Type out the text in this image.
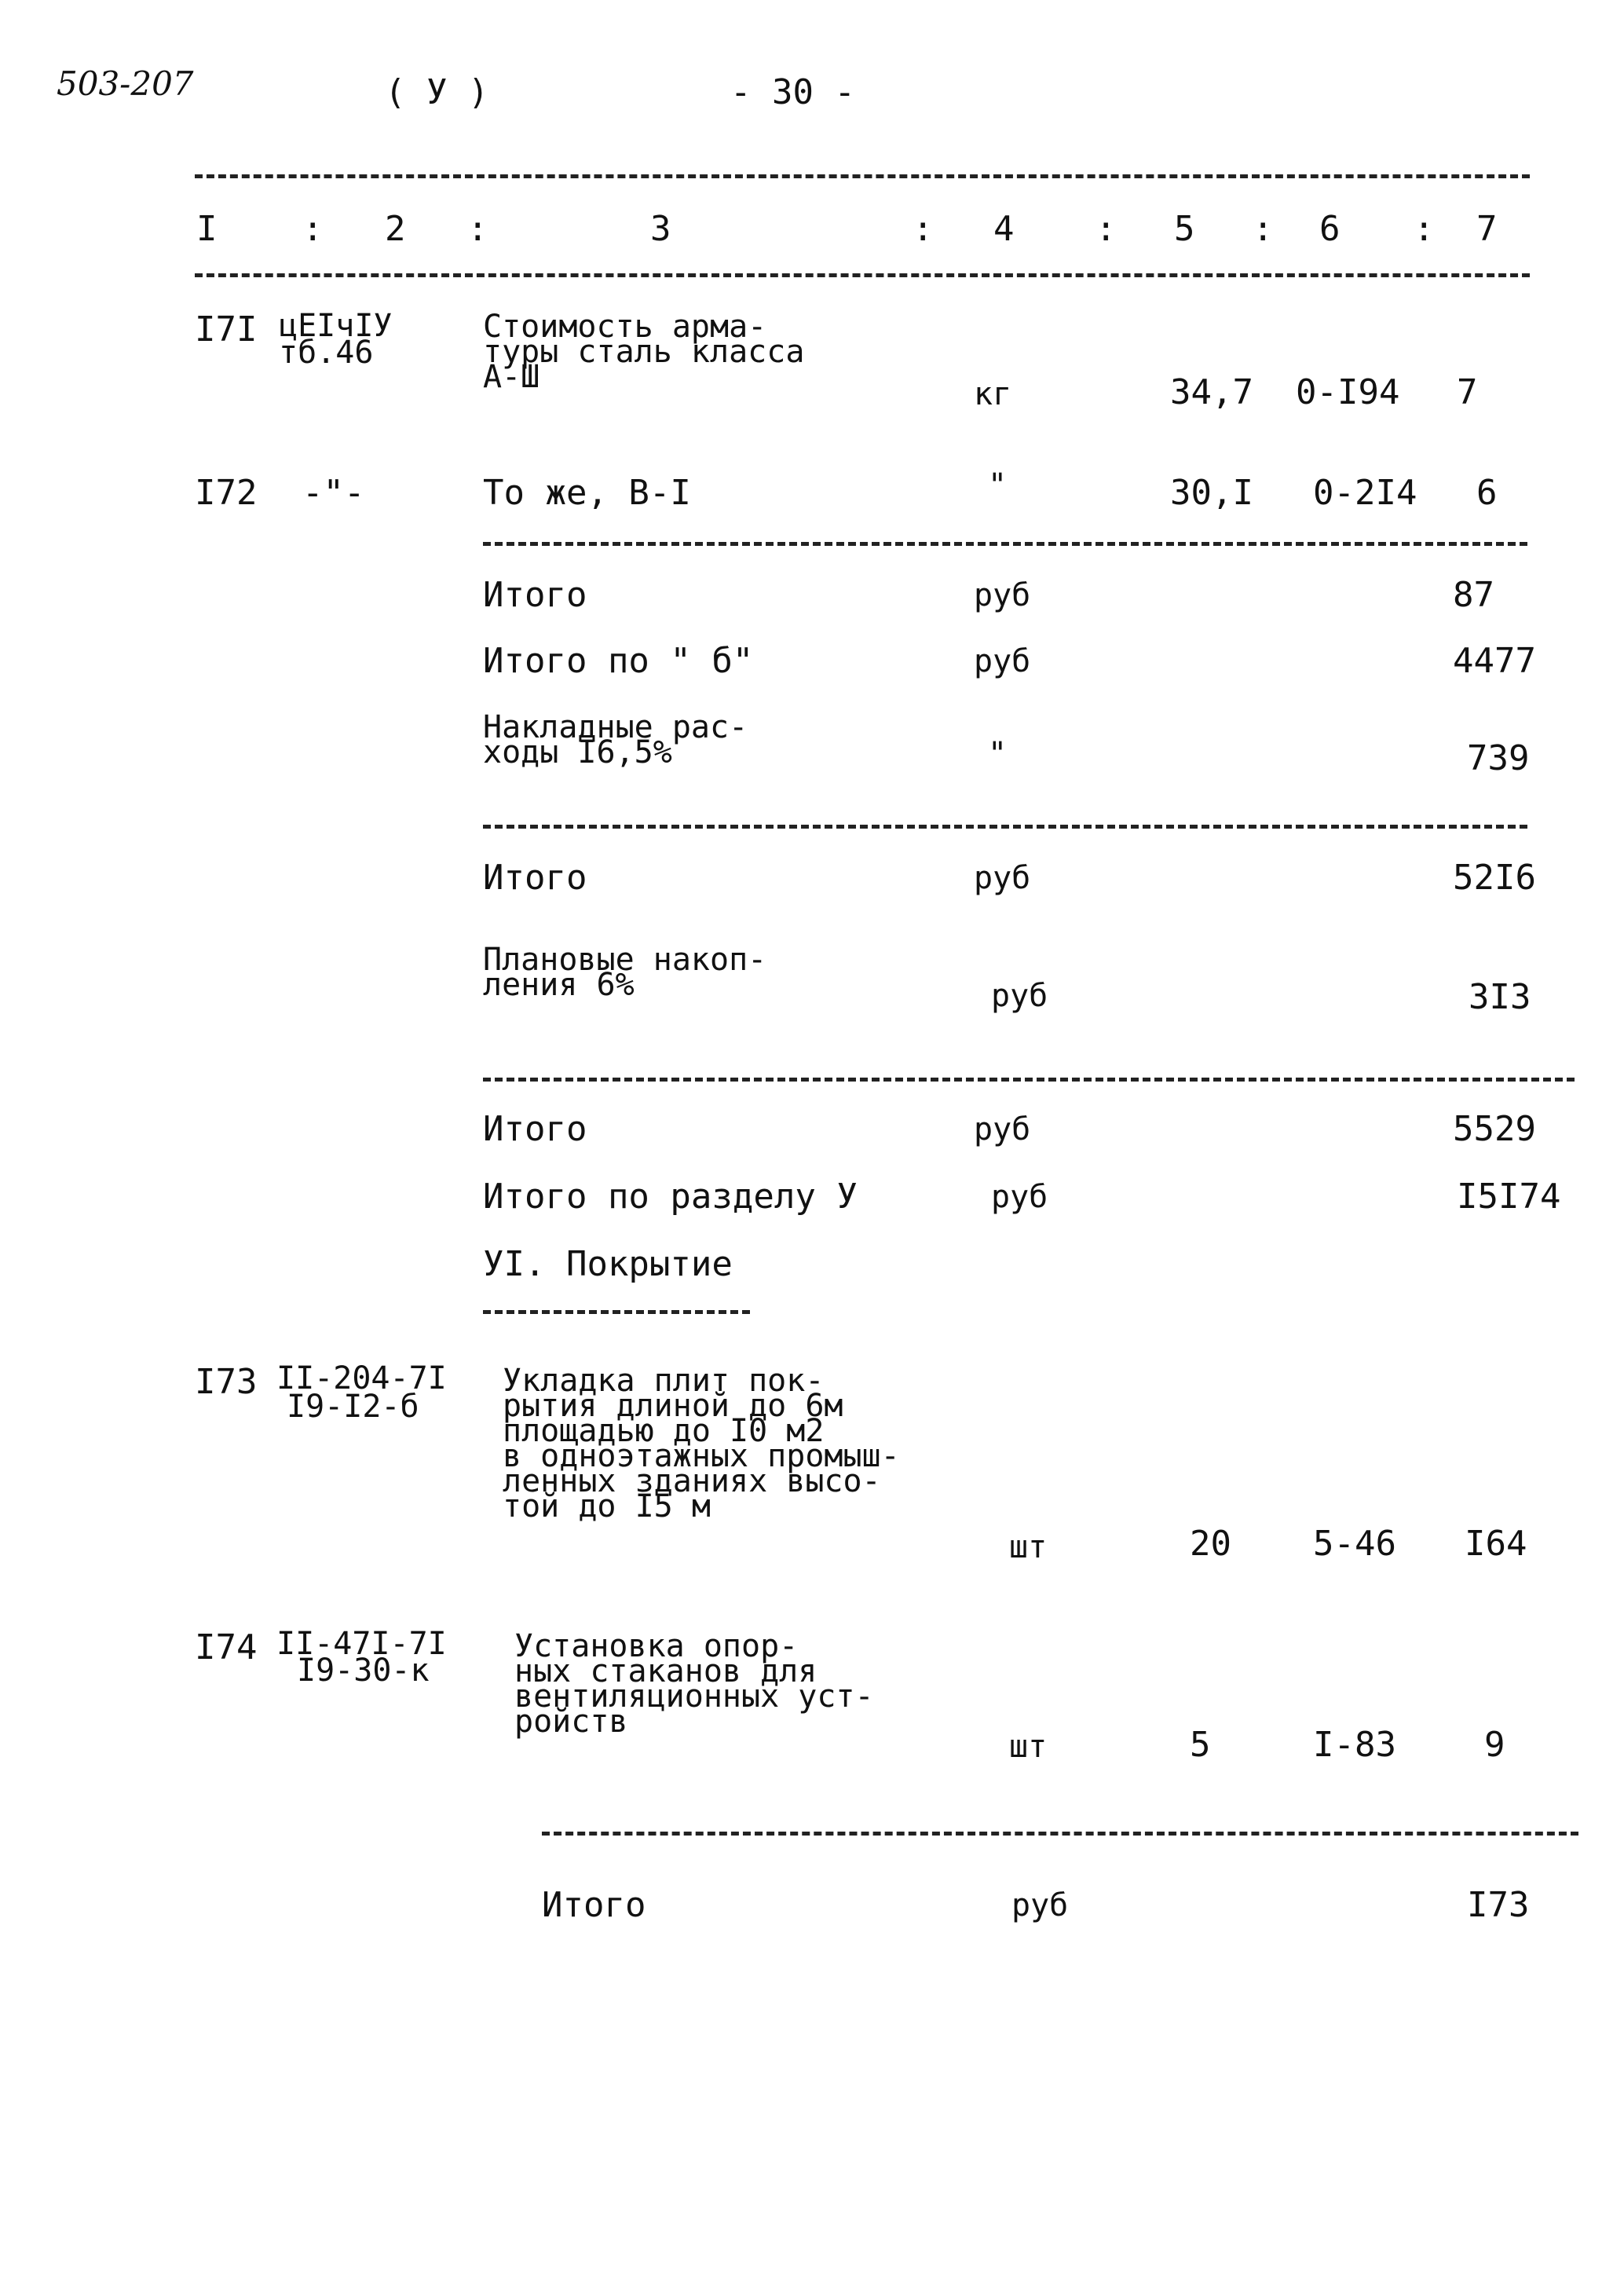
503-207	( У )	- 30 -
I : 2 :	3	: 4 : 5 : 6 : 7
I7I цЕIчIУ
тб.46
Стоимость арма-
туры сталь класса
А-Ш	кг	34,7 0-I94 7
I72 -"-	То же, В-I	"	30,I 0-2I4 6
Итого	руб	87
Итого по " б"	руб	4477
Накладные рас-
ходы I6,5%	"	739
Итого	руб	52I6
Плановые накоп-
ления 6%	руб	3I3
Итого	руб	5529
Итого по разделу У	руб	I5I74
УI. Покрытие
I73 II-204-7I
I9-I2-б
Укладка плит пок-
рытия длиной до 6м
площадью до I0 м2
в одноэтажных промыш-
ленных зданиях высо-
той до I5 м
шт	20 5-46 I64
I74 II-47I-7I
I9-30-к
Установка опор-
ных стаканов для
вентиляционных уст-
ройств
шт	5	I-83	9
Итого	руб	I73
